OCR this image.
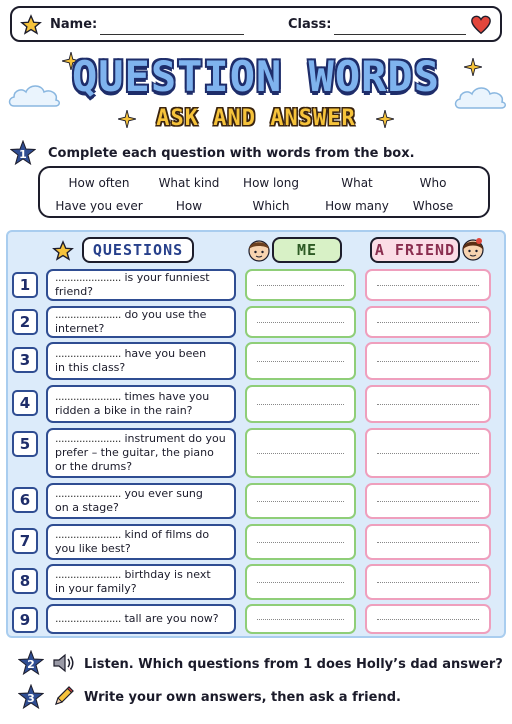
Name:	Class:
QUESTION WORDS
ASK AND ANSWER
1 Complete each question with words from the box.
How often	What kind	How long	What	Who
Have you ever	How	Which	How many	Whose
QUESTIONS	ME	A FRIEND
1	...................... is your funniest friend?
2	...................... do you use the internet?
3	...................... have you been
in this class?
4	...................... times have you
ridden a bike in the rain?
5	...................... instrument do you
prefer – the guitar, the piano
or the drums?
6	...................... you ever sung
on a stage?
7	...................... kind of films do
you like best?
8	...................... birthday is next
in your family?
9	...................... tall are you now?
2	Listen. Which questions from 1 does Holly’s dad answer?
3	Write your own answers, then ask a friend.
